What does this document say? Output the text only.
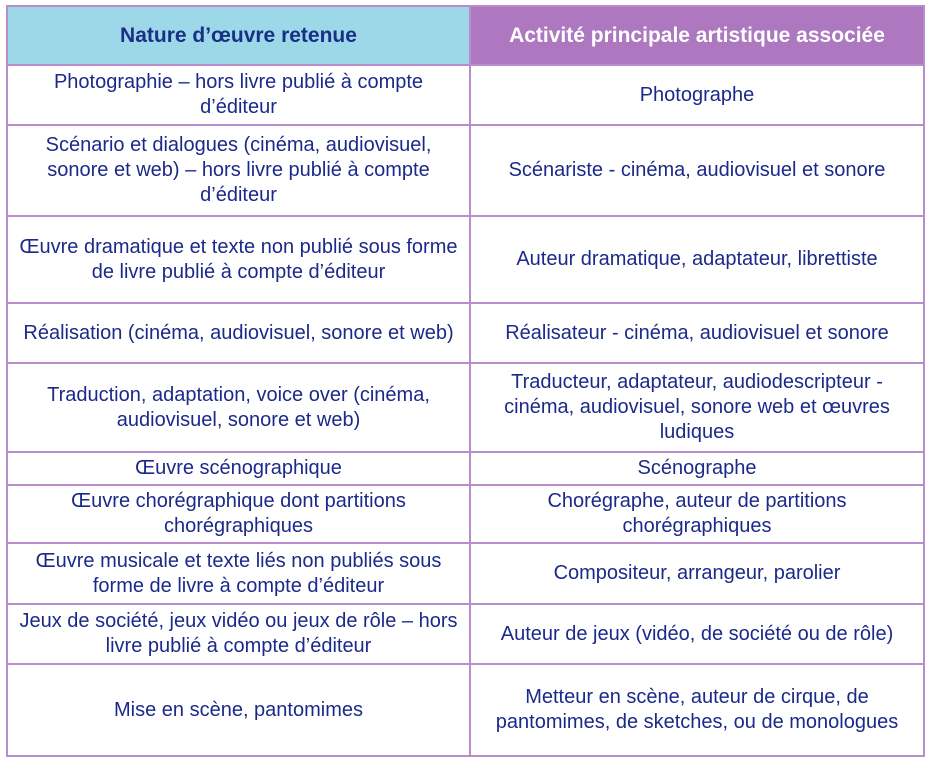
Nature d’œuvre retenue	Activité principale artistique associée
Photographie – hors livre publié à compte d’éditeur	Photographe
Scénario et dialogues (cinéma, audiovisuel, sonore et web) – hors livre publié à compte d’éditeur	Scénariste - cinéma, audiovisuel et sonore
Œuvre dramatique et texte non publié sous forme de livre publié à compte d’éditeur	Auteur dramatique, adaptateur, librettiste
Réalisation (cinéma, audiovisuel, sonore et web)	Réalisateur - cinéma, audiovisuel et sonore
Traduction, adaptation, voice over (cinéma, audiovisuel, sonore et web)	Traducteur, adaptateur, audiodescripteur - cinéma, audiovisuel, sonore web et œuvres ludiques
Œuvre scénographique	Scénographe
Œuvre chorégraphique dont partitions chorégraphiques	Chorégraphe, auteur de partitions chorégraphiques
Œuvre musicale et texte liés non publiés sous forme de livre à compte d’éditeur	Compositeur, arrangeur, parolier
Jeux de société, jeux vidéo ou jeux de rôle – hors livre publié à compte d’éditeur	Auteur de jeux (vidéo, de société ou de rôle)
Mise en scène, pantomimes	Metteur en scène, auteur de cirque, de pantomimes, de sketches, ou de monologues
